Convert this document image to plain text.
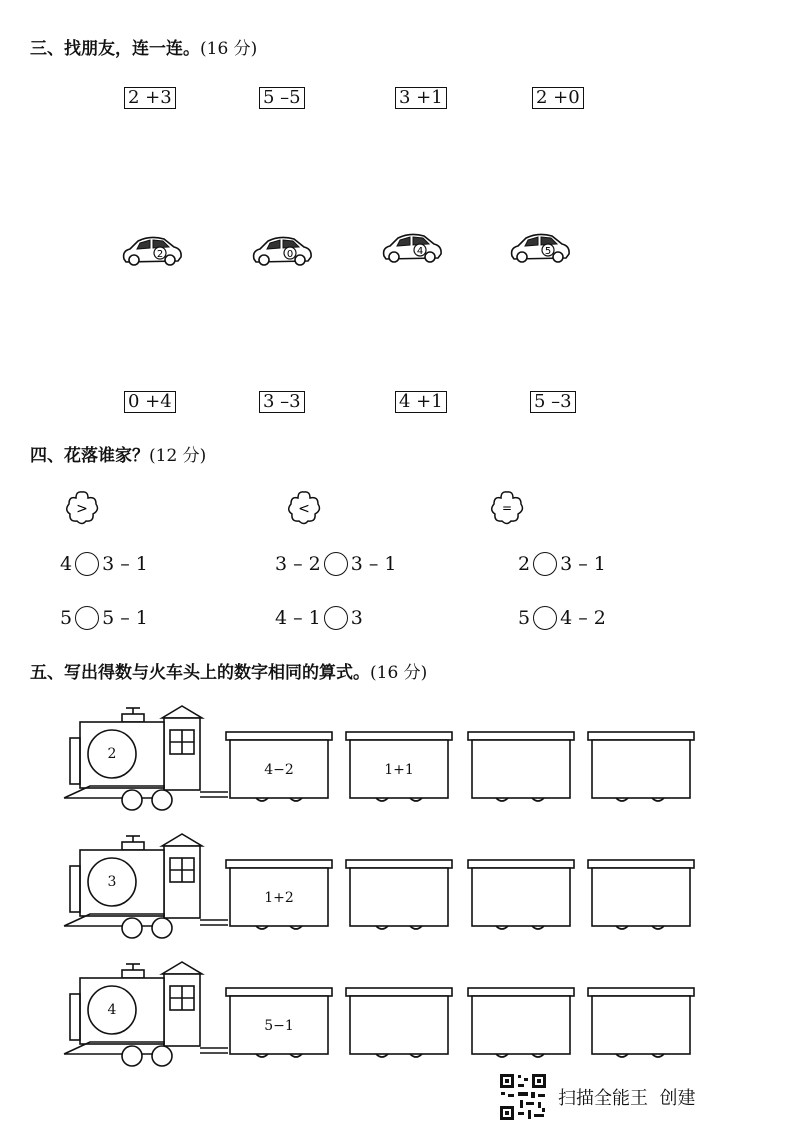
三、找朋友，连一连。(16 分)
2 +3	5 –5	3 +1	2 +0
2	0	4	5
0 +4	3 –3	4 +1	5 –3
四、花落谁家？(12 分)
>	<	=
4 3 – 1	3 – 2 3 – 1	2 3 – 1
5 5 – 1	4 – 1 3	5 4 – 2
五、写出得数与火车头上的数字相同的算式。(16 分)
2
4−2	1+1
3
1+2
4
5−1
扫描全能王  创建
